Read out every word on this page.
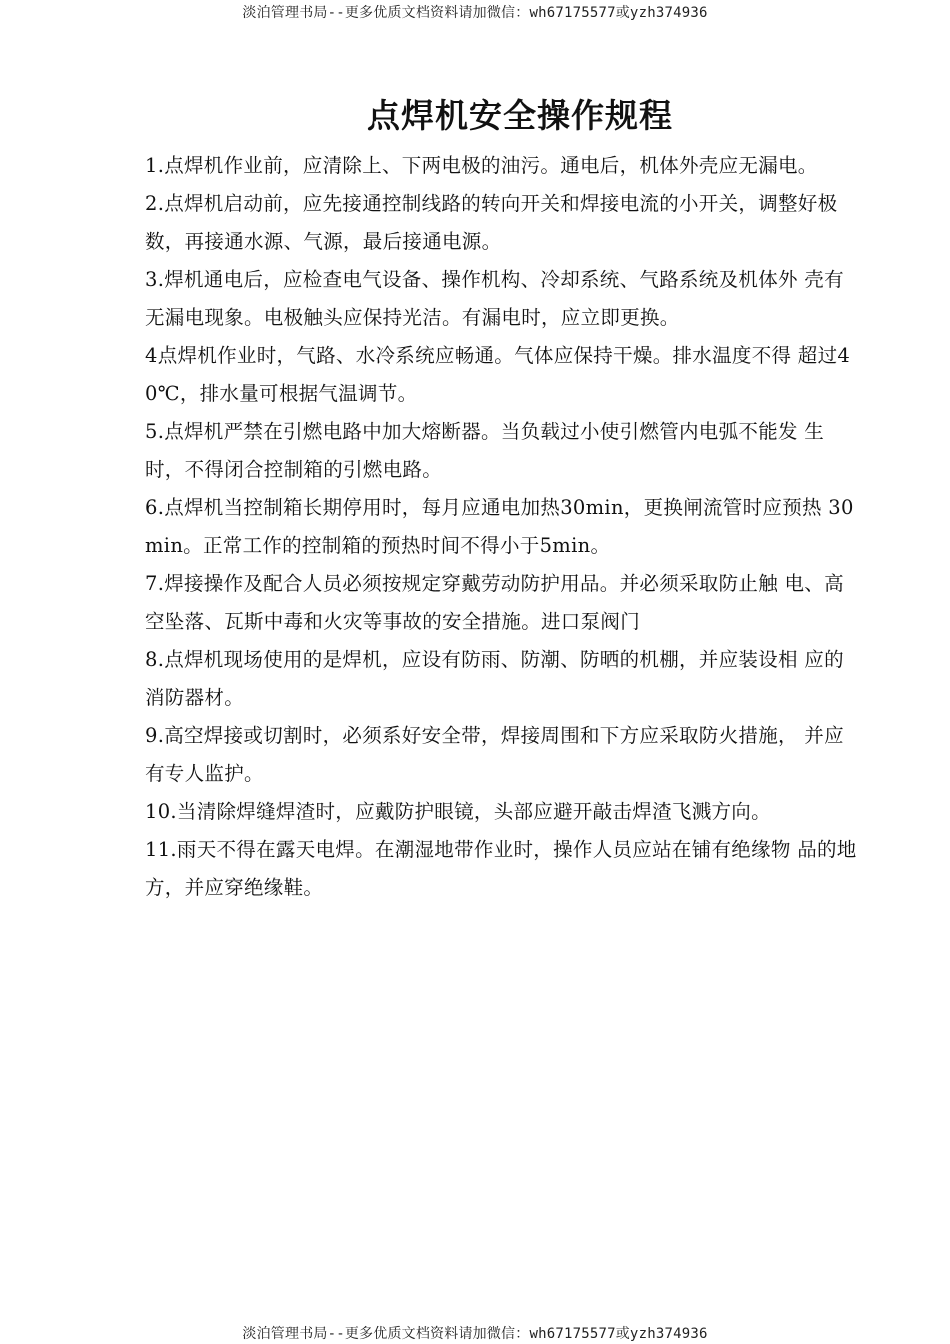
淡泊管理书局--更多优质文档资料请加微信：wh67175577或yzh374936
点焊机安全操作规程
1.点焊机作业前，应清除上、下两电极的油污。通电后，机体外壳应无漏电。
2.点焊机启动前，应先接通控制线路的转向开关和焊接电流的小开关，调整好极数，再接通水源、气源，最后接通电源。
3.焊机通电后，应检查电气设备、操作机构、冷却系统、气路系统及机体外 壳有无漏电现象。电极触头应保持光洁。有漏电时，应立即更换。
4点焊机作业时，气路、水冷系统应畅通。气体应保持干燥。排水温度不得 超过40℃，排水量可根据气温调节。
5.点焊机严禁在引燃电路中加大熔断器。当负载过小使引燃管内电弧不能发 生时，不得闭合控制箱的引燃电路。
6.点焊机当控制箱长期停用时，每月应通电加热30min，更换闸流管时应预热 30min。正常工作的控制箱的预热时间不得小于5min。
7.焊接操作及配合人员必须按规定穿戴劳动防护用品。并必须采取防止触 电、高空坠落、瓦斯中毒和火灾等事故的安全措施。进口泵阀门
8.点焊机现场使用的是焊机，应设有防雨、防潮、防晒的机棚，并应装设相 应的消防器材。
9.高空焊接或切割时，必须系好安全带，焊接周围和下方应采取防火措施， 并应有专人监护。
10.当清除焊缝焊渣时，应戴防护眼镜，头部应避开敲击焊渣飞溅方向。
11.雨天不得在露天电焊。在潮湿地带作业时，操作人员应站在铺有绝缘物 品的地方，并应穿绝缘鞋。
淡泊管理书局--更多优质文档资料请加微信：wh67175577或yzh374936
